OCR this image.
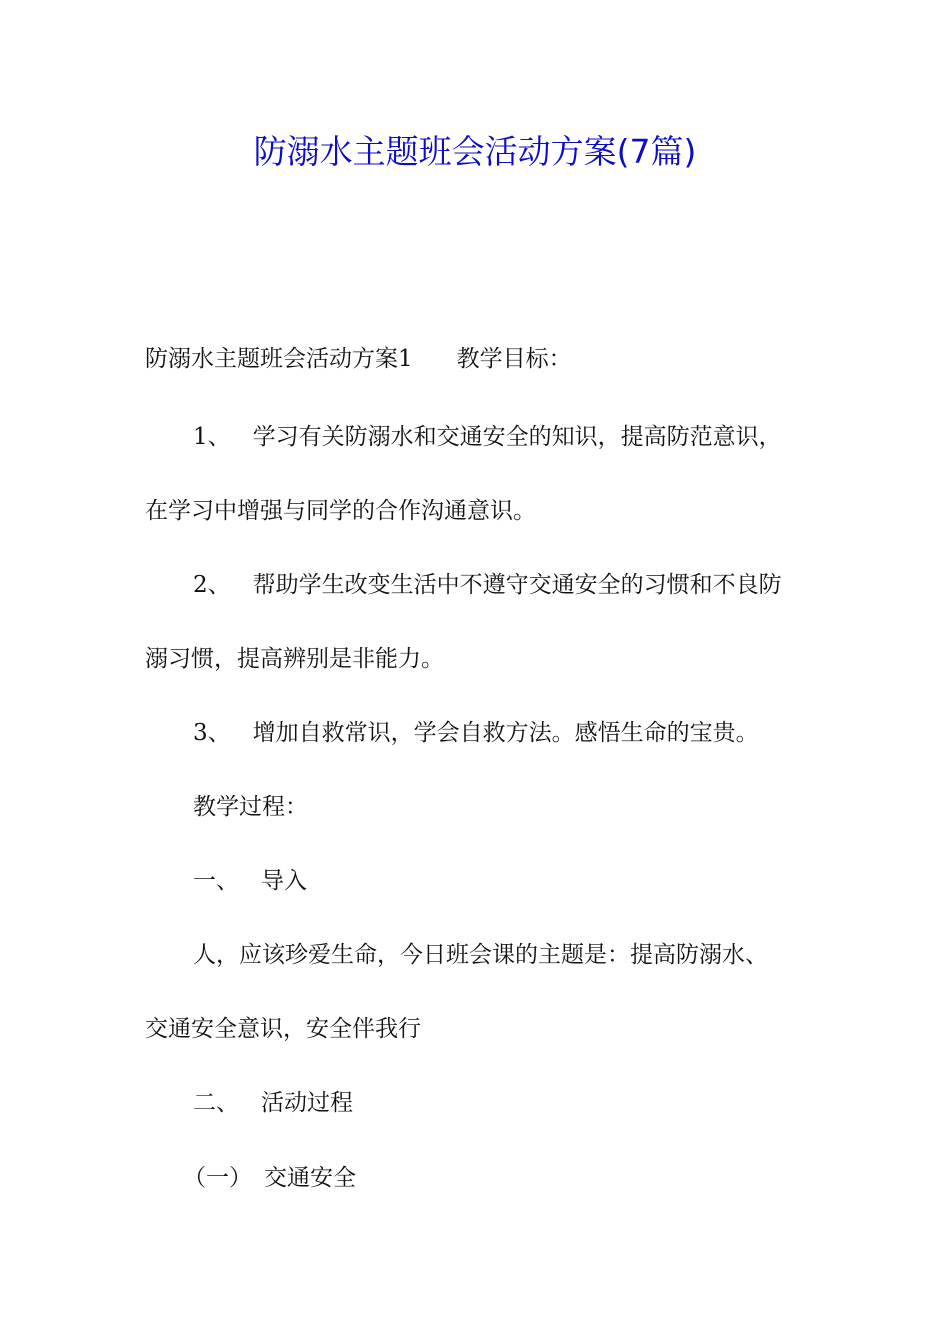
防溺水主题班会活动方案(7篇)
防溺水主题班会活动方案1 教学目标：
1、 学习有关防溺水和交通安全的知识，提高防范意识，
在学习中增强与同学的合作沟通意识。
2、 帮助学生改变生活中不遵守交通安全的习惯和不良防
溺习惯，提高辨别是非能力。
3、 增加自救常识，学会自救方法。感悟生命的宝贵。
教学过程：
一、 导入
人，应该珍爱生命，今日班会课的主题是：提高防溺水、
交通安全意识，安全伴我行
二、 活动过程
（一） 交通安全
